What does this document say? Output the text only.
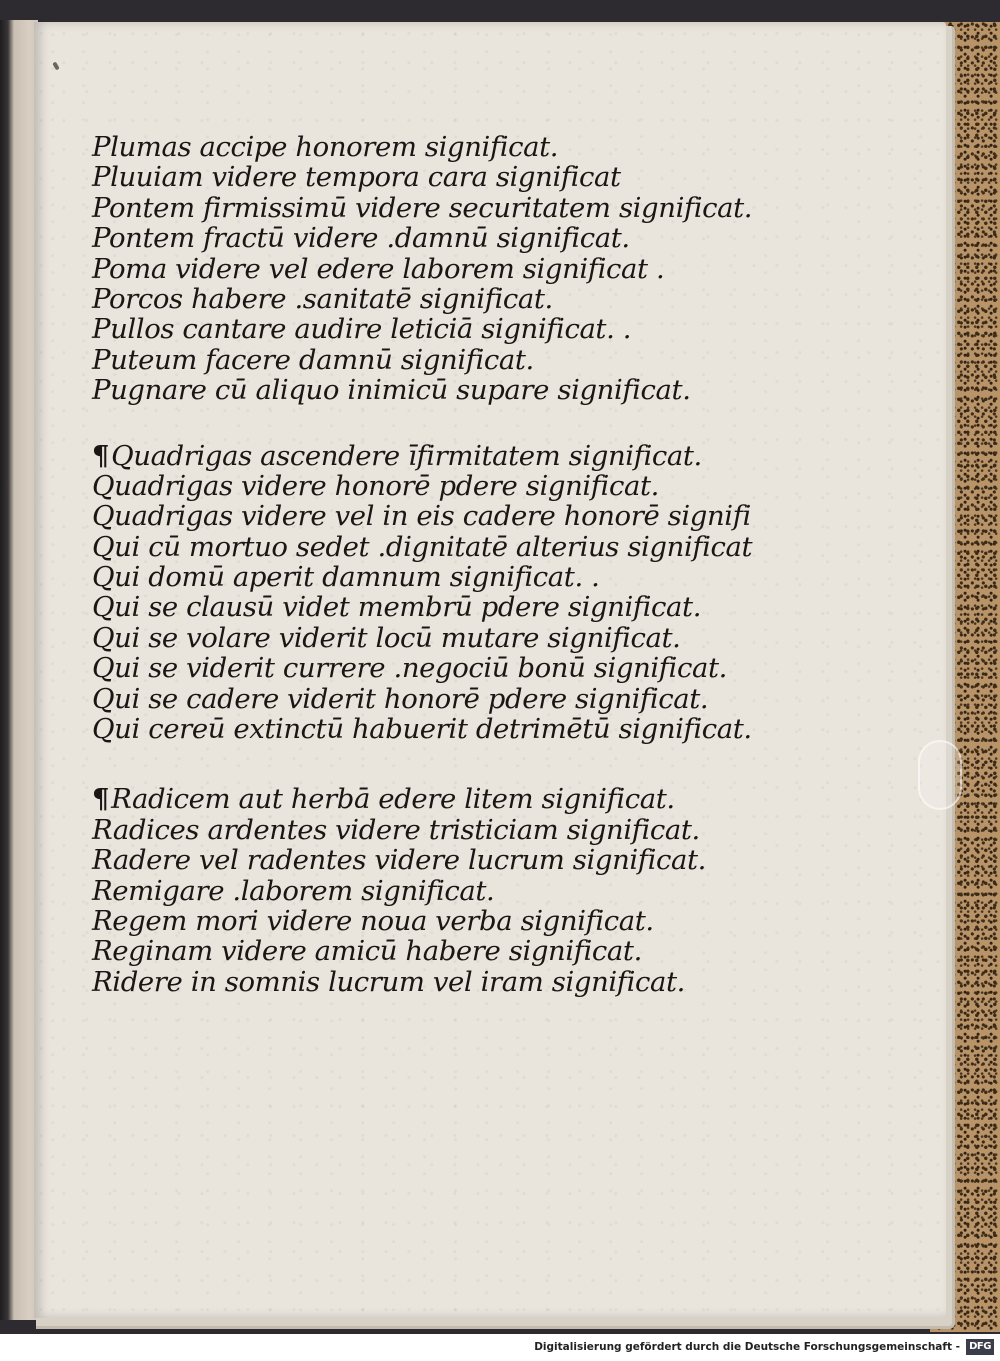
·
Plumas accipe honorem significat.
Pluuiam videre tempora cara significat
Pontem firmissimū videre securitatem significat.
Pontem fractū videre .damnū significat.
Poma videre vel edere laborem significat .
Porcos habere .sanitatē significat.
Pullos cantare audire leticiā significat. .
Puteum facere damnū significat.
Pugnare cū aliquo inimicū supare significat.
¶Quadrigas ascendere īfirmitatem significat.
Quadrigas videre honorē pdere significat.
Quadrigas videre vel in eis cadere honorē signifi
Qui cū mortuo sedet .dignitatē alterius significat
Qui domū aperit damnum significat. .
Qui se clausū videt membrū pdere significat.
Qui se volare viderit locū mutare significat.
Qui se viderit currere .negociū bonū significat.
Qui se cadere viderit honorē pdere significat.
Qui cereū extinctū habuerit detrimētū significat.
¶Radicem aut herbā edere litem significat.
Radices ardentes videre tristiciam significat.
Radere vel radentes videre lucrum significat.
Remigare .laborem significat.
Regem mori videre noua verba significat.
Reginam videre amicū habere significat.
Ridere in somnis lucrum vel iram significat.
Digitalisierung gefördert durch die Deutsche Forschungsgemeinschaft - DFG
